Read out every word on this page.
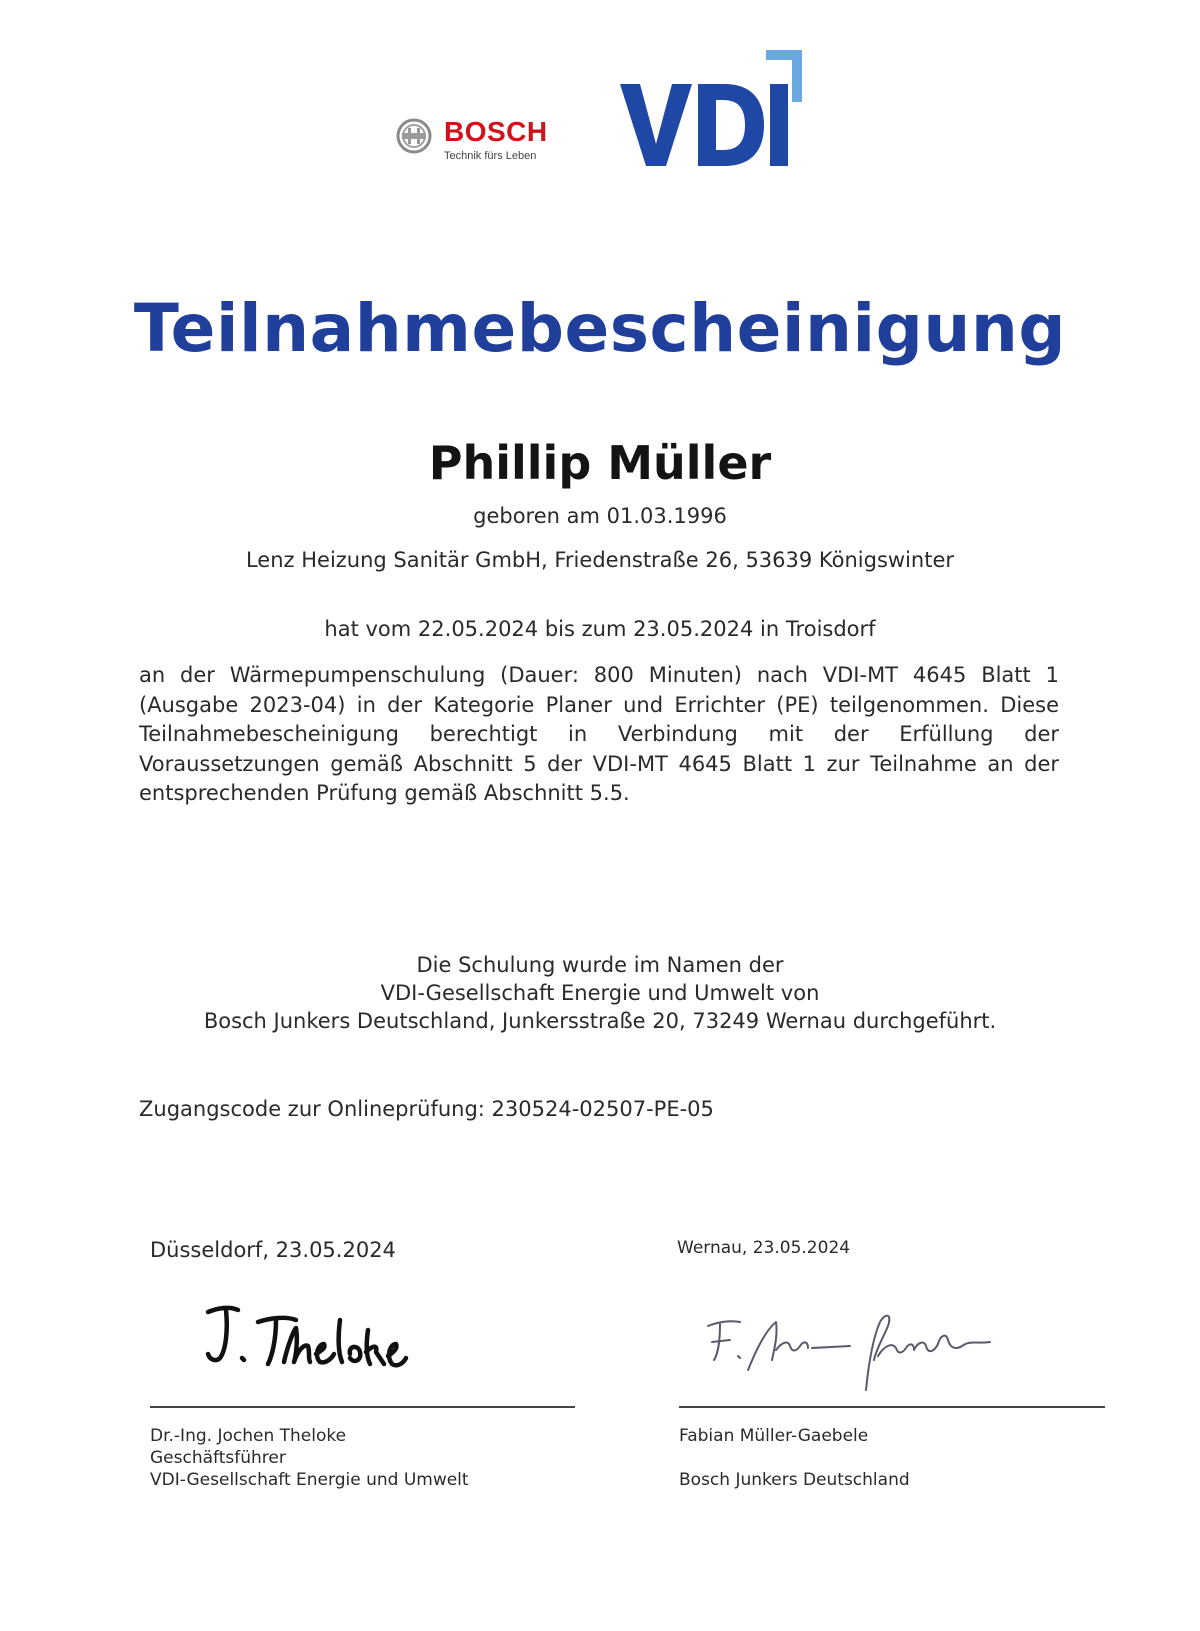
BOSCH
Technik fürs Leben
Teilnahmebescheinigung
Phillip Müller
geboren am 01.03.1996
Lenz Heizung Sanitär GmbH, Friedenstraße 26, 53639 Königswinter
hat vom 22.05.2024 bis zum 23.05.2024 in Troisdorf
an der Wärmepumpenschulung (Dauer: 800 Minuten) nach VDI-MT 4645 Blatt 1 (Ausgabe 2023-04) in der Kategorie Planer und Errichter (PE) teilgenommen. Diese Teilnahmebescheinigung berechtigt in Verbindung mit der Erfüllung der Voraussetzungen gemäß Abschnitt 5 der VDI-MT 4645 Blatt 1 zur Teilnahme an der entsprechenden Prüfung gemäß Abschnitt 5.5.
Die Schulung wurde im Namen der
VDI-Gesellschaft Energie und Umwelt von
Bosch Junkers Deutschland, Junkersstraße 20, 73249 Wernau durchgeführt.
Zugangscode zur Onlineprüfung: 230524-02507-PE-05
Düsseldorf, 23.05.2024	Wernau, 23.05.2024
Dr.-Ing. Jochen Theloke
Geschäftsführer
VDI-Gesellschaft Energie und Umwelt
Fabian Müller-Gaebele
Bosch Junkers Deutschland
